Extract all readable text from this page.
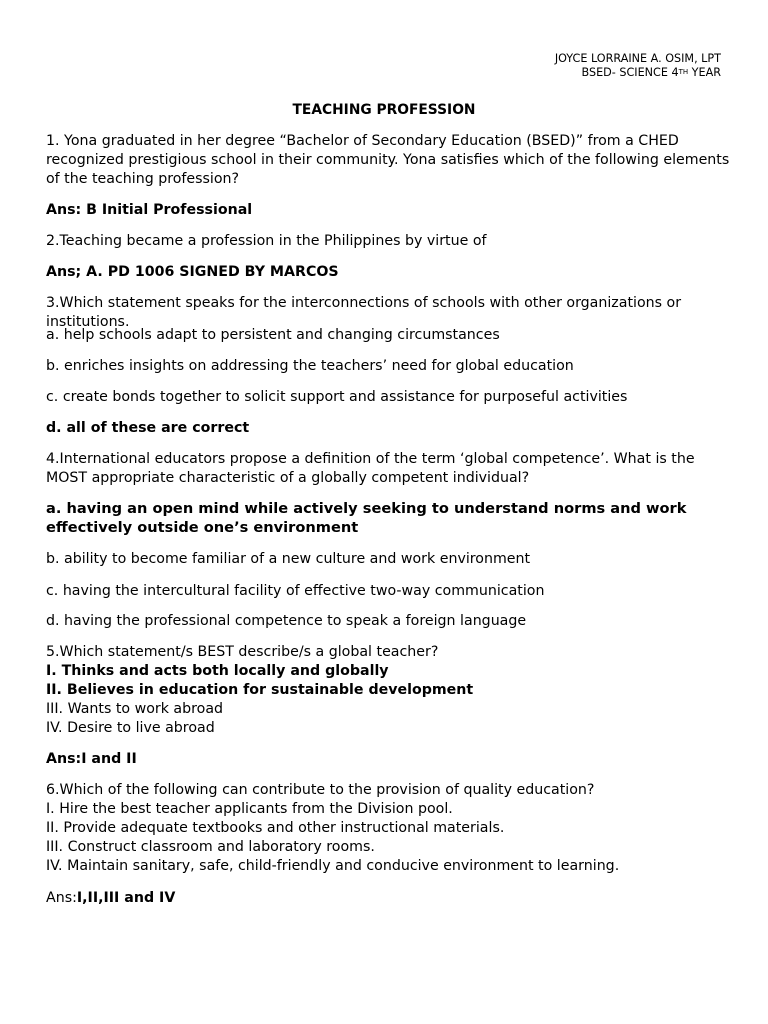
JOYCE LORRAINE A. OSIM, LPT
BSED- SCIENCE 4TH YEAR
TEACHING PROFESSION
1. Yona graduated in her degree “Bachelor of Secondary Education (BSED)” from a CHED recognized prestigious school in their community. Yona satisfies which of the following elements of the teaching profession?
Ans: B Initial Professional
2.Teaching became a profession in the Philippines by virtue of
Ans; A. PD 1006 SIGNED BY MARCOS
3.Which statement speaks for the interconnections of schools with other organizations or institutions.
a. help schools adapt to persistent and changing circumstances
b. enriches insights on addressing the teachers’ need for global education
c. create bonds together to solicit support and assistance for purposeful activities
d. all of these are correct
4.International educators propose a definition of the term ‘global competence’. What is the MOST appropriate characteristic of a globally competent individual?
a. having an open mind while actively seeking to understand norms and work effectively outside one’s environment
b. ability to become familiar of a new culture and work environment
c. having the intercultural facility of effective two-way communication
d. having the professional competence to speak a foreign language
5.Which statement/s BEST describe/s a global teacher?
I. Thinks and acts both locally and globally
II. Believes in education for sustainable development
III. Wants to work abroad
IV. Desire to live abroad
Ans:I and II
6.Which of the following can contribute to the provision of quality education?
I. Hire the best teacher applicants from the Division pool.
II. Provide adequate textbooks and other instructional materials.
III. Construct classroom and laboratory rooms.
IV. Maintain sanitary, safe, child-friendly and conducive environment to learning.
Ans:I,II,III and IV
